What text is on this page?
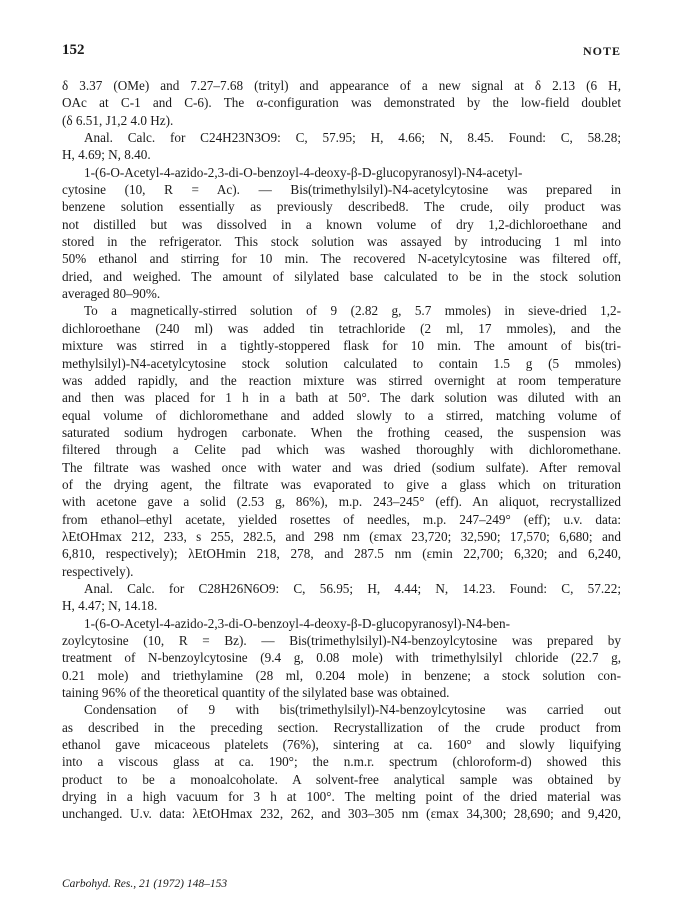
152	NOTE
δ 3.37 (OMe) and 7.27–7.68 (trityl) and appearance of a new signal at δ 2.13 (6 H,
OAc at C-1 and C-6). The α-configuration was demonstrated by the low-field doublet
(δ 6.51, J1,2 4.0 Hz).
Anal. Calc. for C24H23N3O9: C, 57.95; H, 4.66; N, 8.45. Found: C, 58.28;
H, 4.69; N, 8.40.
1-(6-O-Acetyl-4-azido-2,3-di-O-benzoyl-4-deoxy-β-D-glucopyranosyl)-N4-acetyl-
cytosine (10, R = Ac). — Bis(trimethylsilyl)-N4-acetylcytosine was prepared in
benzene solution essentially as previously described8. The crude, oily product was
not distilled but was dissolved in a known volume of dry 1,2-dichloroethane and
stored in the refrigerator. This stock solution was assayed by introducing 1 ml into
50% ethanol and stirring for 10 min. The recovered N-acetylcytosine was filtered off,
dried, and weighed. The amount of silylated base calculated to be in the stock solution
averaged 80–90%.
To a magnetically-stirred solution of 9 (2.82 g, 5.7 mmoles) in sieve-dried 1,2-
dichloroethane (240 ml) was added tin tetrachloride (2 ml, 17 mmoles), and the
mixture was stirred in a tightly-stoppered flask for 10 min. The amount of bis(tri-
methylsilyl)-N4-acetylcytosine stock solution calculated to contain 1.5 g (5 mmoles)
was added rapidly, and the reaction mixture was stirred overnight at room temperature
and then was placed for 1 h in a bath at 50°. The dark solution was diluted with an
equal volume of dichloromethane and added slowly to a stirred, matching volume of
saturated sodium hydrogen carbonate. When the frothing ceased, the suspension was
filtered through a Celite pad which was washed thoroughly with dichloromethane.
The filtrate was washed once with water and was dried (sodium sulfate). After removal
of the drying agent, the filtrate was evaporated to give a glass which on trituration
with acetone gave a solid (2.53 g, 86%), m.p. 243–245° (eff). An aliquot, recrystallized
from ethanol–ethyl acetate, yielded rosettes of needles, m.p. 247–249° (eff); u.v. data:
λEtOHmax 212, 233, s 255, 282.5, and 298 nm (εmax 23,720; 32,590; 17,570; 6,680; and
6,810, respectively); λEtOHmin 218, 278, and 287.5 nm (εmin 22,700; 6,320; and 6,240,
respectively).
Anal. Calc. for C28H26N6O9: C, 56.95; H, 4.44; N, 14.23. Found: C, 57.22;
H, 4.47; N, 14.18.
1-(6-O-Acetyl-4-azido-2,3-di-O-benzoyl-4-deoxy-β-D-glucopyranosyl)-N4-ben-
zoylcytosine (10, R = Bz). — Bis(trimethylsilyl)-N4-benzoylcytosine was prepared by
treatment of N-benzoylcytosine (9.4 g, 0.08 mole) with trimethylsilyl chloride (22.7 g,
0.21 mole) and triethylamine (28 ml, 0.204 mole) in benzene; a stock solution con-
taining 96% of the theoretical quantity of the silylated base was obtained.
Condensation of 9 with bis(trimethylsilyl)-N4-benzoylcytosine was carried out
as described in the preceding section. Recrystallization of the crude product from
ethanol gave micaceous platelets (76%), sintering at ca. 160° and slowly liquifying
into a viscous glass at ca. 190°; the n.m.r. spectrum (chloroform-d) showed this
product to be a monoalcoholate. A solvent-free analytical sample was obtained by
drying in a high vacuum for 3 h at 100°. The melting point of the dried material was
unchanged. U.v. data: λEtOHmax 232, 262, and 303–305 nm (εmax 34,300; 28,690; and 9,420,
Carbohyd. Res., 21 (1972) 148–153
